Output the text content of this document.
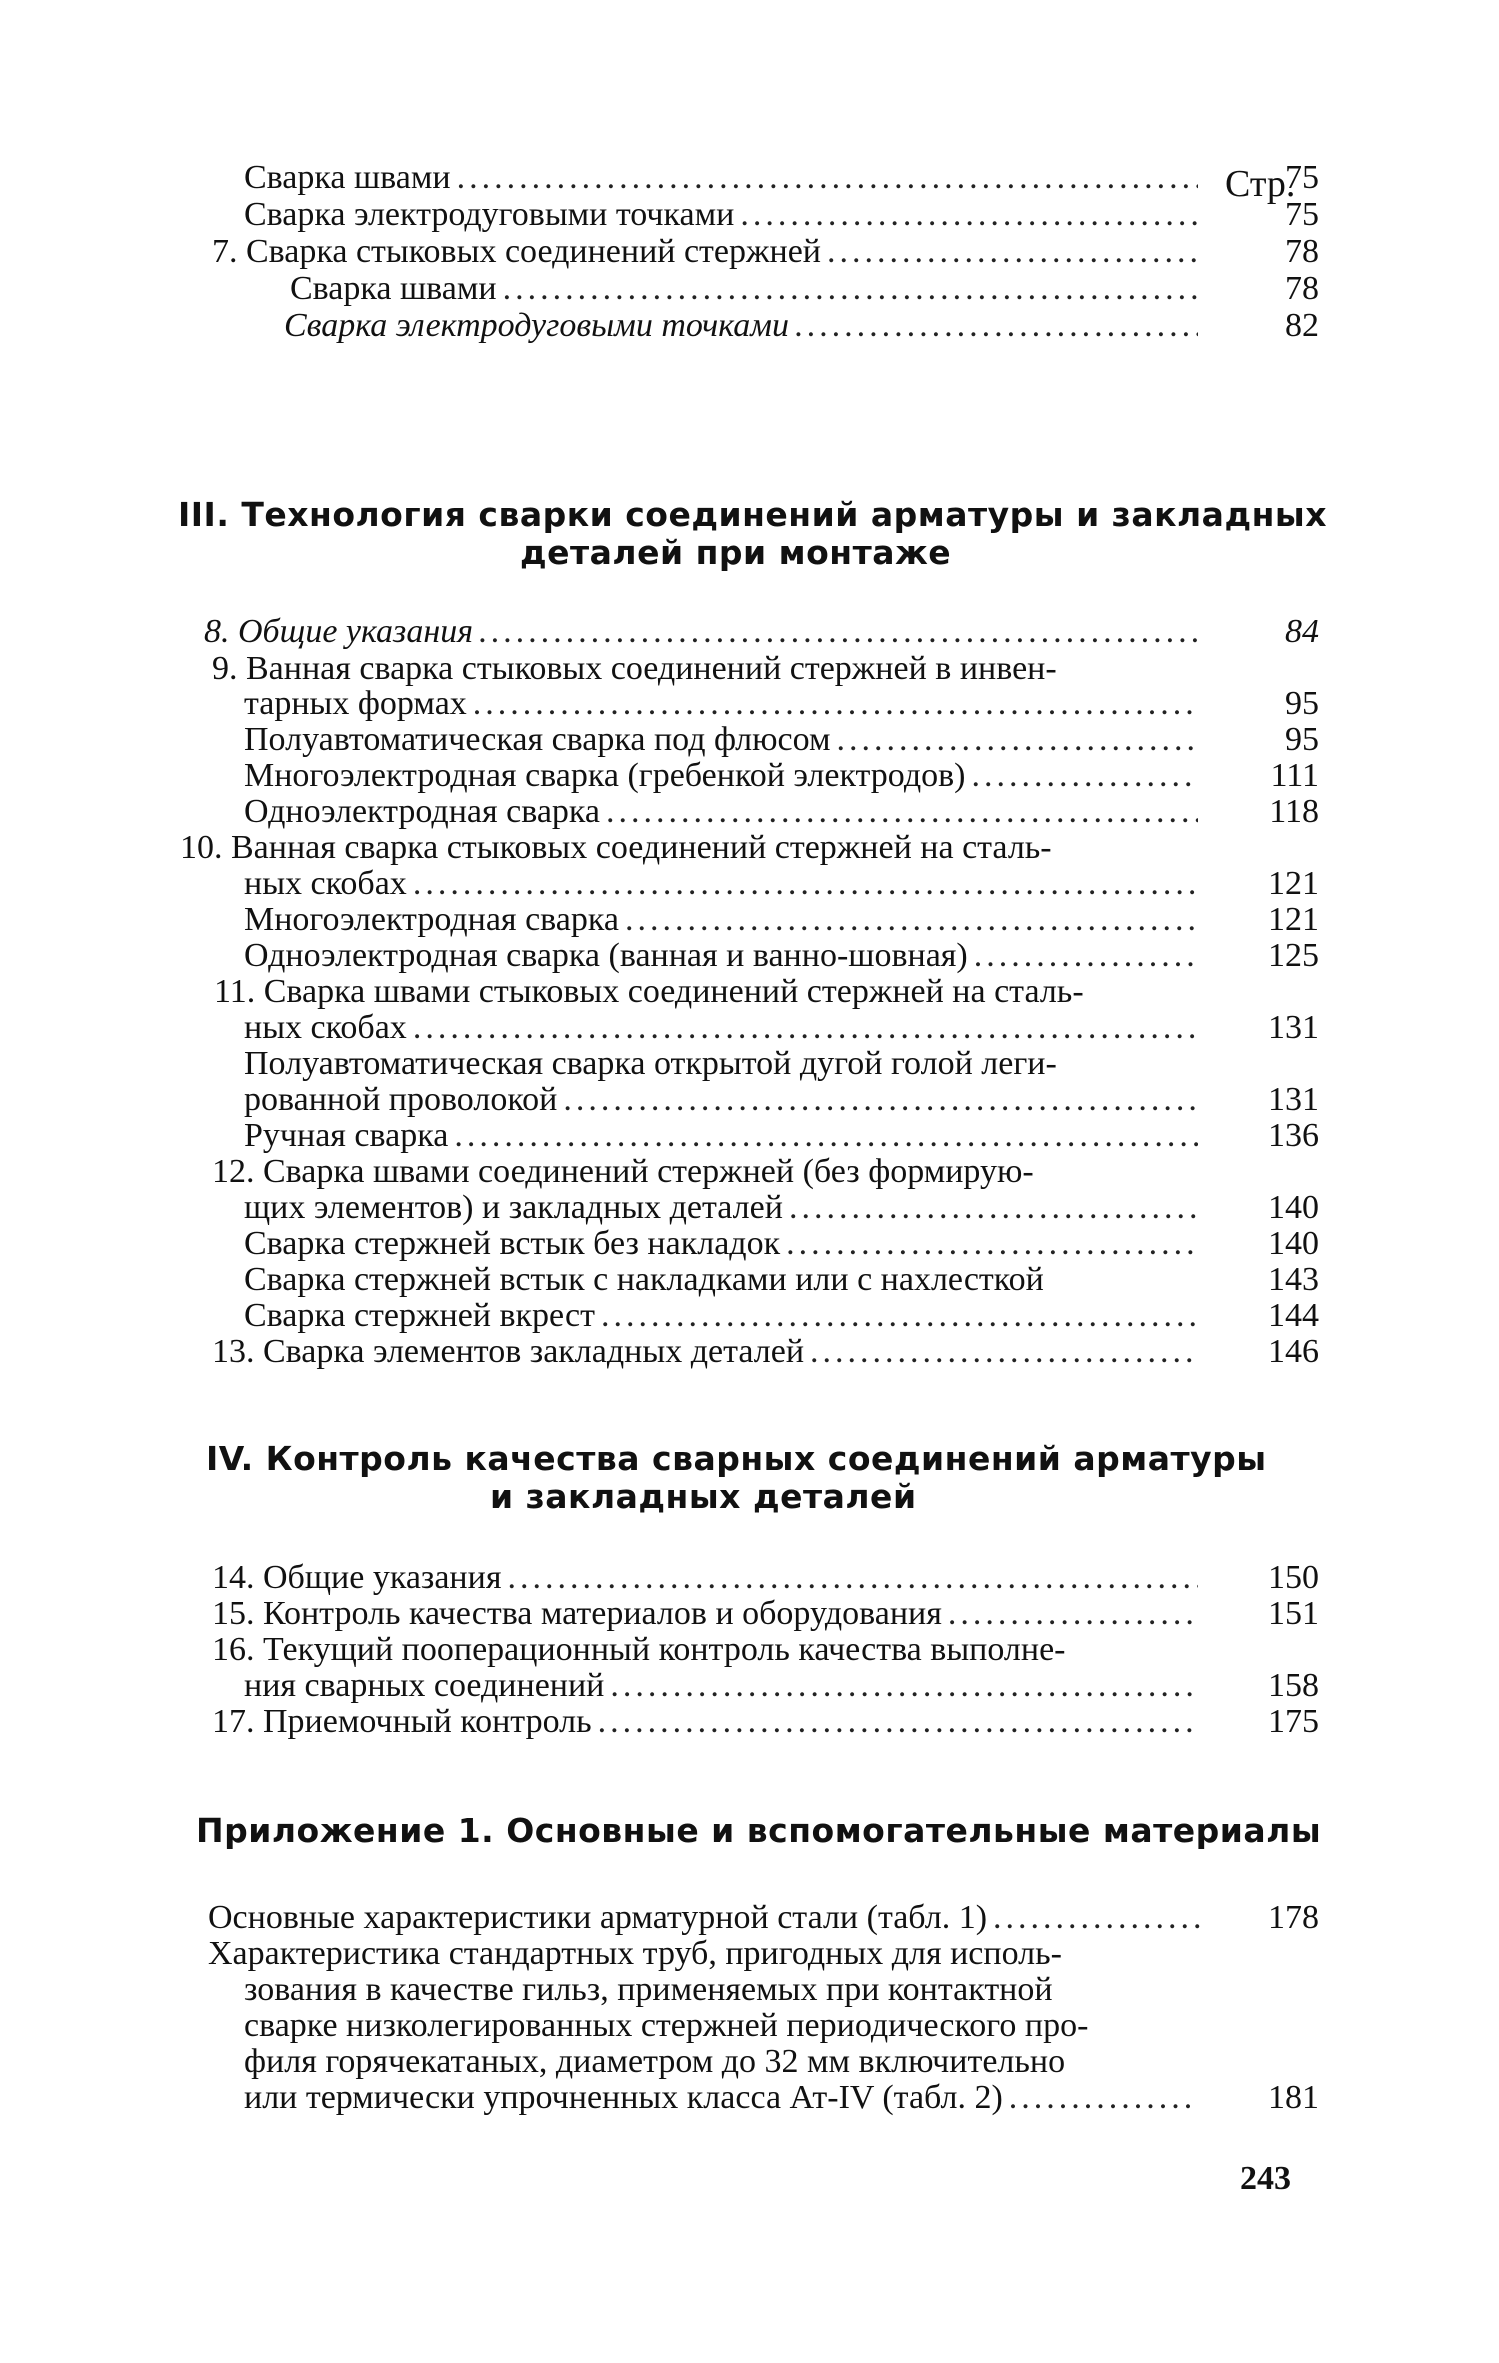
Стр.
Сварка швами .....	75
Сварка электродуговыми точками .....	75
7. Сварка стыковых соединений стержней .....	78
Сварка швами .....	78
Сварка электродуговыми точками .....	82
III. Технология сварки соединений арматуры и закладных
деталей при монтаже
8. Общие указания .....	84
9. Ванная сварка стыковых соединений стержней в инвен-
тарных формах .....	95
Полуавтоматическая сварка под флюсом .....	95
Многоэлектродная сварка (гребенкой электродов) .....	111
Одноэлектродная сварка .....	118
10. Ванная сварка стыковых соединений стержней на сталь-
ных скобах .....	121
Многоэлектродная сварка .....	121
Одноэлектродная сварка (ванная и ванно-шовная) .....	125
11. Сварка швами стыковых соединений стержней на сталь-
ных скобах .....	131
Полуавтоматическая сварка открытой дугой голой леги-
рованной проволокой .....	131
Ручная сварка .....	136
12. Сварка швами соединений стержней (без формирую-
щих элементов) и закладных деталей .....	140
Сварка стержней встык без накладок .....	140
Сварка стержней встык с накладками или с нахлесткой	143
Сварка стержней вкрест .....	144
13. Сварка элементов закладных деталей .....	146
IV. Контроль качества сварных соединений арматуры
и закладных деталей
14. Общие указания .....	150
15. Контроль качества материалов и оборудования .....	151
16. Текущий пооперационный контроль качества выполне-
ния сварных соединений .....	158
17. Приемочный контроль .....	175
Приложение 1. Основные и вспомогательные материалы
Основные характеристики арматурной стали (табл. 1) .....	178
Характеристика стандартных труб, пригодных для исполь-
зования в качестве гильз, применяемых при контактной
сварке низколегированных стержней периодического про-
филя горячекатаных, диаметром до 32 мм включительно
или термически упрочненных класса Ат-IV (табл. 2) .....	181
243
